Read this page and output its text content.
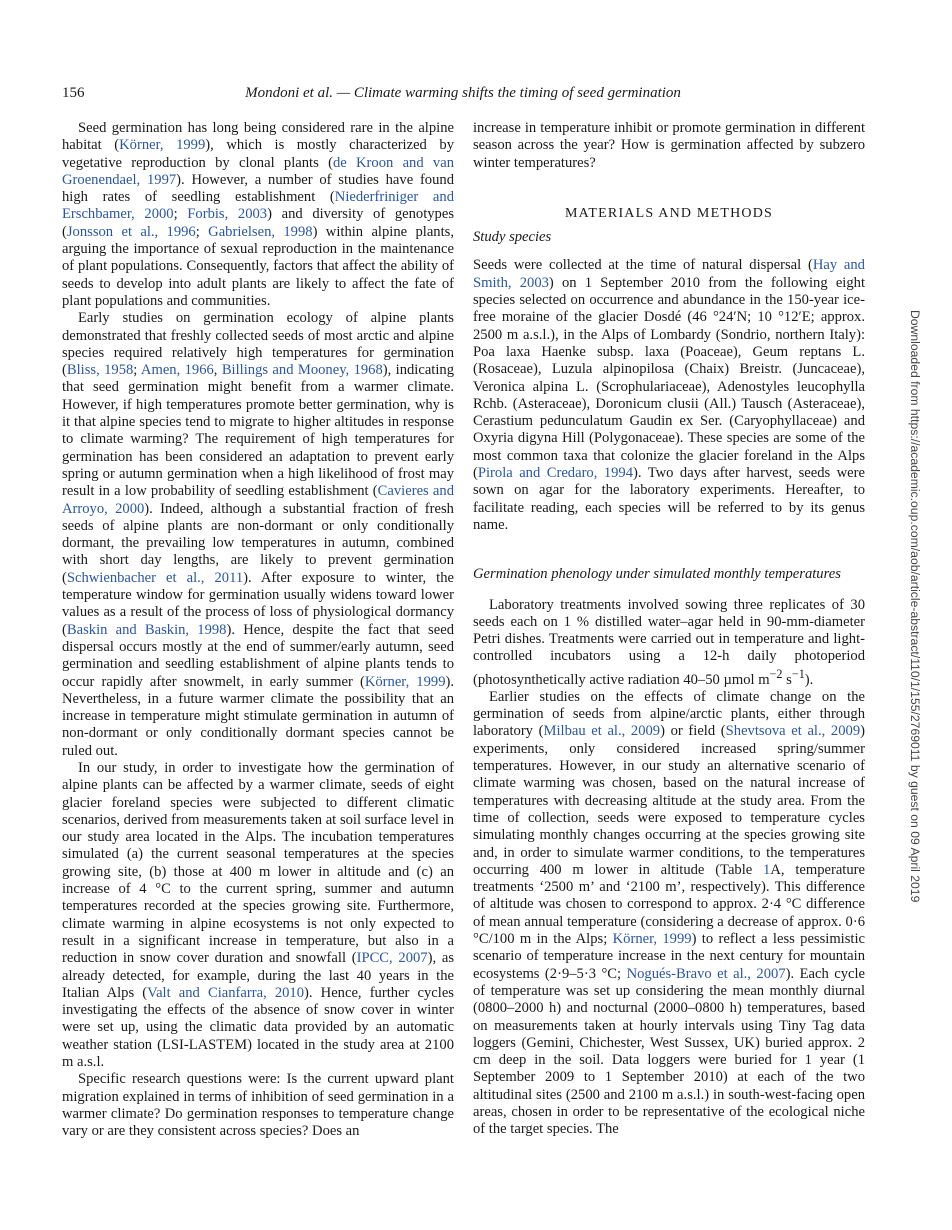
156	Mondoni et al. — Climate warming shifts the timing of seed germination

Seed germination has long being considered rare in the alpine habitat (Körner, 1999), which is mostly characterized by vegetative reproduction by clonal plants (de Kroon and van Groenendael, 1997). However, a number of studies have found high rates of seedling establishment (Niederfriniger and Erschbamer, 2000; Forbis, 2003) and diversity of genotypes (Jonsson et al., 1996; Gabrielsen, 1998) within alpine plants, arguing the importance of sexual reproduction in the maintenance of plant populations. Consequently, factors that affect the ability of seeds to develop into adult plants are likely to affect the fate of plant populations and communities.

Early studies on germination ecology of alpine plants demonstrated that freshly collected seeds of most arctic and alpine species required relatively high temperatures for germination (Bliss, 1958; Amen, 1966, Billings and Mooney, 1968), indicating that seed germination might benefit from a warmer climate. However, if high temperatures promote better germination, why is it that alpine species tend to migrate to higher altitudes in response to climate warming? The requirement of high temperatures for germination has been considered an adaptation to prevent early spring or autumn germination when a high likelihood of frost may result in a low probability of seedling establishment (Cavieres and Arroyo, 2000). Indeed, although a substantial fraction of fresh seeds of alpine plants are non-dormant or only conditionally dormant, the prevailing low temperatures in autumn, combined with short day lengths, are likely to prevent germination (Schwienbacher et al., 2011). After exposure to winter, the temperature window for germination usually widens toward lower values as a result of the process of loss of physiological dormancy (Baskin and Baskin, 1998). Hence, despite the fact that seed dispersal occurs mostly at the end of summer/early autumn, seed germination and seedling establishment of alpine plants tends to occur rapidly after snowmelt, in early summer (Körner, 1999). Nevertheless, in a future warmer climate the possibility that an increase in temperature might stimulate germination in autumn of non-dormant or only conditionally dormant species cannot be ruled out.

In our study, in order to investigate how the germination of alpine plants can be affected by a warmer climate, seeds of eight glacier foreland species were subjected to different climatic scenarios, derived from measurements taken at soil surface level in our study area located in the Alps. The incubation temperatures simulated (a) the current seasonal temperatures at the species growing site, (b) those at 400 m lower in altitude and (c) an increase of 4 °C to the current spring, summer and autumn temperatures recorded at the species growing site. Furthermore, climate warming in alpine ecosystems is not only expected to result in a significant increase in temperature, but also in a reduction in snow cover duration and snowfall (IPCC, 2007), as already detected, for example, during the last 40 years in the Italian Alps (Valt and Cianfarra, 2010). Hence, further cycles investigating the effects of the absence of snow cover in winter were set up, using the climatic data provided by an automatic weather station (LSI-LASTEM) located in the study area at 2100 m a.s.l.

Specific research questions were: Is the current upward plant migration explained in terms of inhibition of seed germination in a warmer climate? Do germination responses to temperature change vary or are they consistent across species? Does an

increase in temperature inhibit or promote germination in different season across the year? How is germination affected by subzero winter temperatures?

MATERIALS AND METHODS
Study species

Seeds were collected at the time of natural dispersal (Hay and Smith, 2003) on 1 September 2010 from the following eight species selected on occurrence and abundance in the 150-year ice-free moraine of the glacier Dosdé (46 °24′N; 10 °12′E; approx. 2500 m a.s.l.), in the Alps of Lombardy (Sondrio, northern Italy): Poa laxa Haenke subsp. laxa (Poaceae), Geum reptans L. (Rosaceae), Luzula alpinopilosa (Chaix) Breistr. (Juncaceae), Veronica alpina L. (Scrophulariaceae), Adenostyles leucophylla Rchb. (Asteraceae), Doronicum clusii (All.) Tausch (Asteraceae), Cerastium pedunculatum Gaudin ex Ser. (Caryophyllaceae) and Oxyria digyna Hill (Polygonaceae). These species are some of the most common taxa that colonize the glacier foreland in the Alps (Pirola and Credaro, 1994). Two days after harvest, seeds were sown on agar for the laboratory experiments. Hereafter, to facilitate reading, each species will be referred to by its genus name.

Germination phenology under simulated monthly temperatures

Laboratory treatments involved sowing three replicates of 30 seeds each on 1 % distilled water–agar held in 90-mm-diameter Petri dishes. Treatments were carried out in temperature and light-controlled incubators using a 12-h daily photoperiod (photosynthetically active radiation 40–50 µmol $m^{-2}$ $s^{-1}$).

Earlier studies on the effects of climate change on the germination of seeds from alpine/arctic plants, either through laboratory (Milbau et al., 2009) or field (Shevtsova et al., 2009) experiments, only considered increased spring/summer temperatures. However, in our study an alternative scenario of climate warming was chosen, based on the natural increase of temperatures with decreasing altitude at the study area. From the time of collection, seeds were exposed to temperature cycles simulating monthly changes occurring at the species growing site and, in order to simulate warmer conditions, to the temperatures occurring 400 m lower in altitude (Table 1A, temperature treatments ‘2500 m’ and ‘2100 m’, respectively). This difference of altitude was chosen to correspond to approx. 2·4 °C difference of mean annual temperature (considering a decrease of approx. 0·6 °C/100 m in the Alps; Körner, 1999) to reflect a less pessimistic scenario of temperature increase in the next century for mountain ecosystems (2·9–5·3 °C; Nogués-Bravo et al., 2007). Each cycle of temperature was set up considering the mean monthly diurnal (0800–2000 h) and nocturnal (2000–0800 h) temperatures, based on measurements taken at hourly intervals using Tiny Tag data loggers (Gemini, Chichester, West Sussex, UK) buried approx. 2 cm deep in the soil. Data loggers were buried for 1 year (1 September 2009 to 1 September 2010) at each of the two altitudinal sites (2500 and 2100 m a.s.l.) in south-west-facing open areas, chosen in order to be representative of the ecological niche of the target species. The

Downloaded from https://academic.oup.com/aob/article-abstract/110/1/155/2769011 by guest on 09 April 2019
